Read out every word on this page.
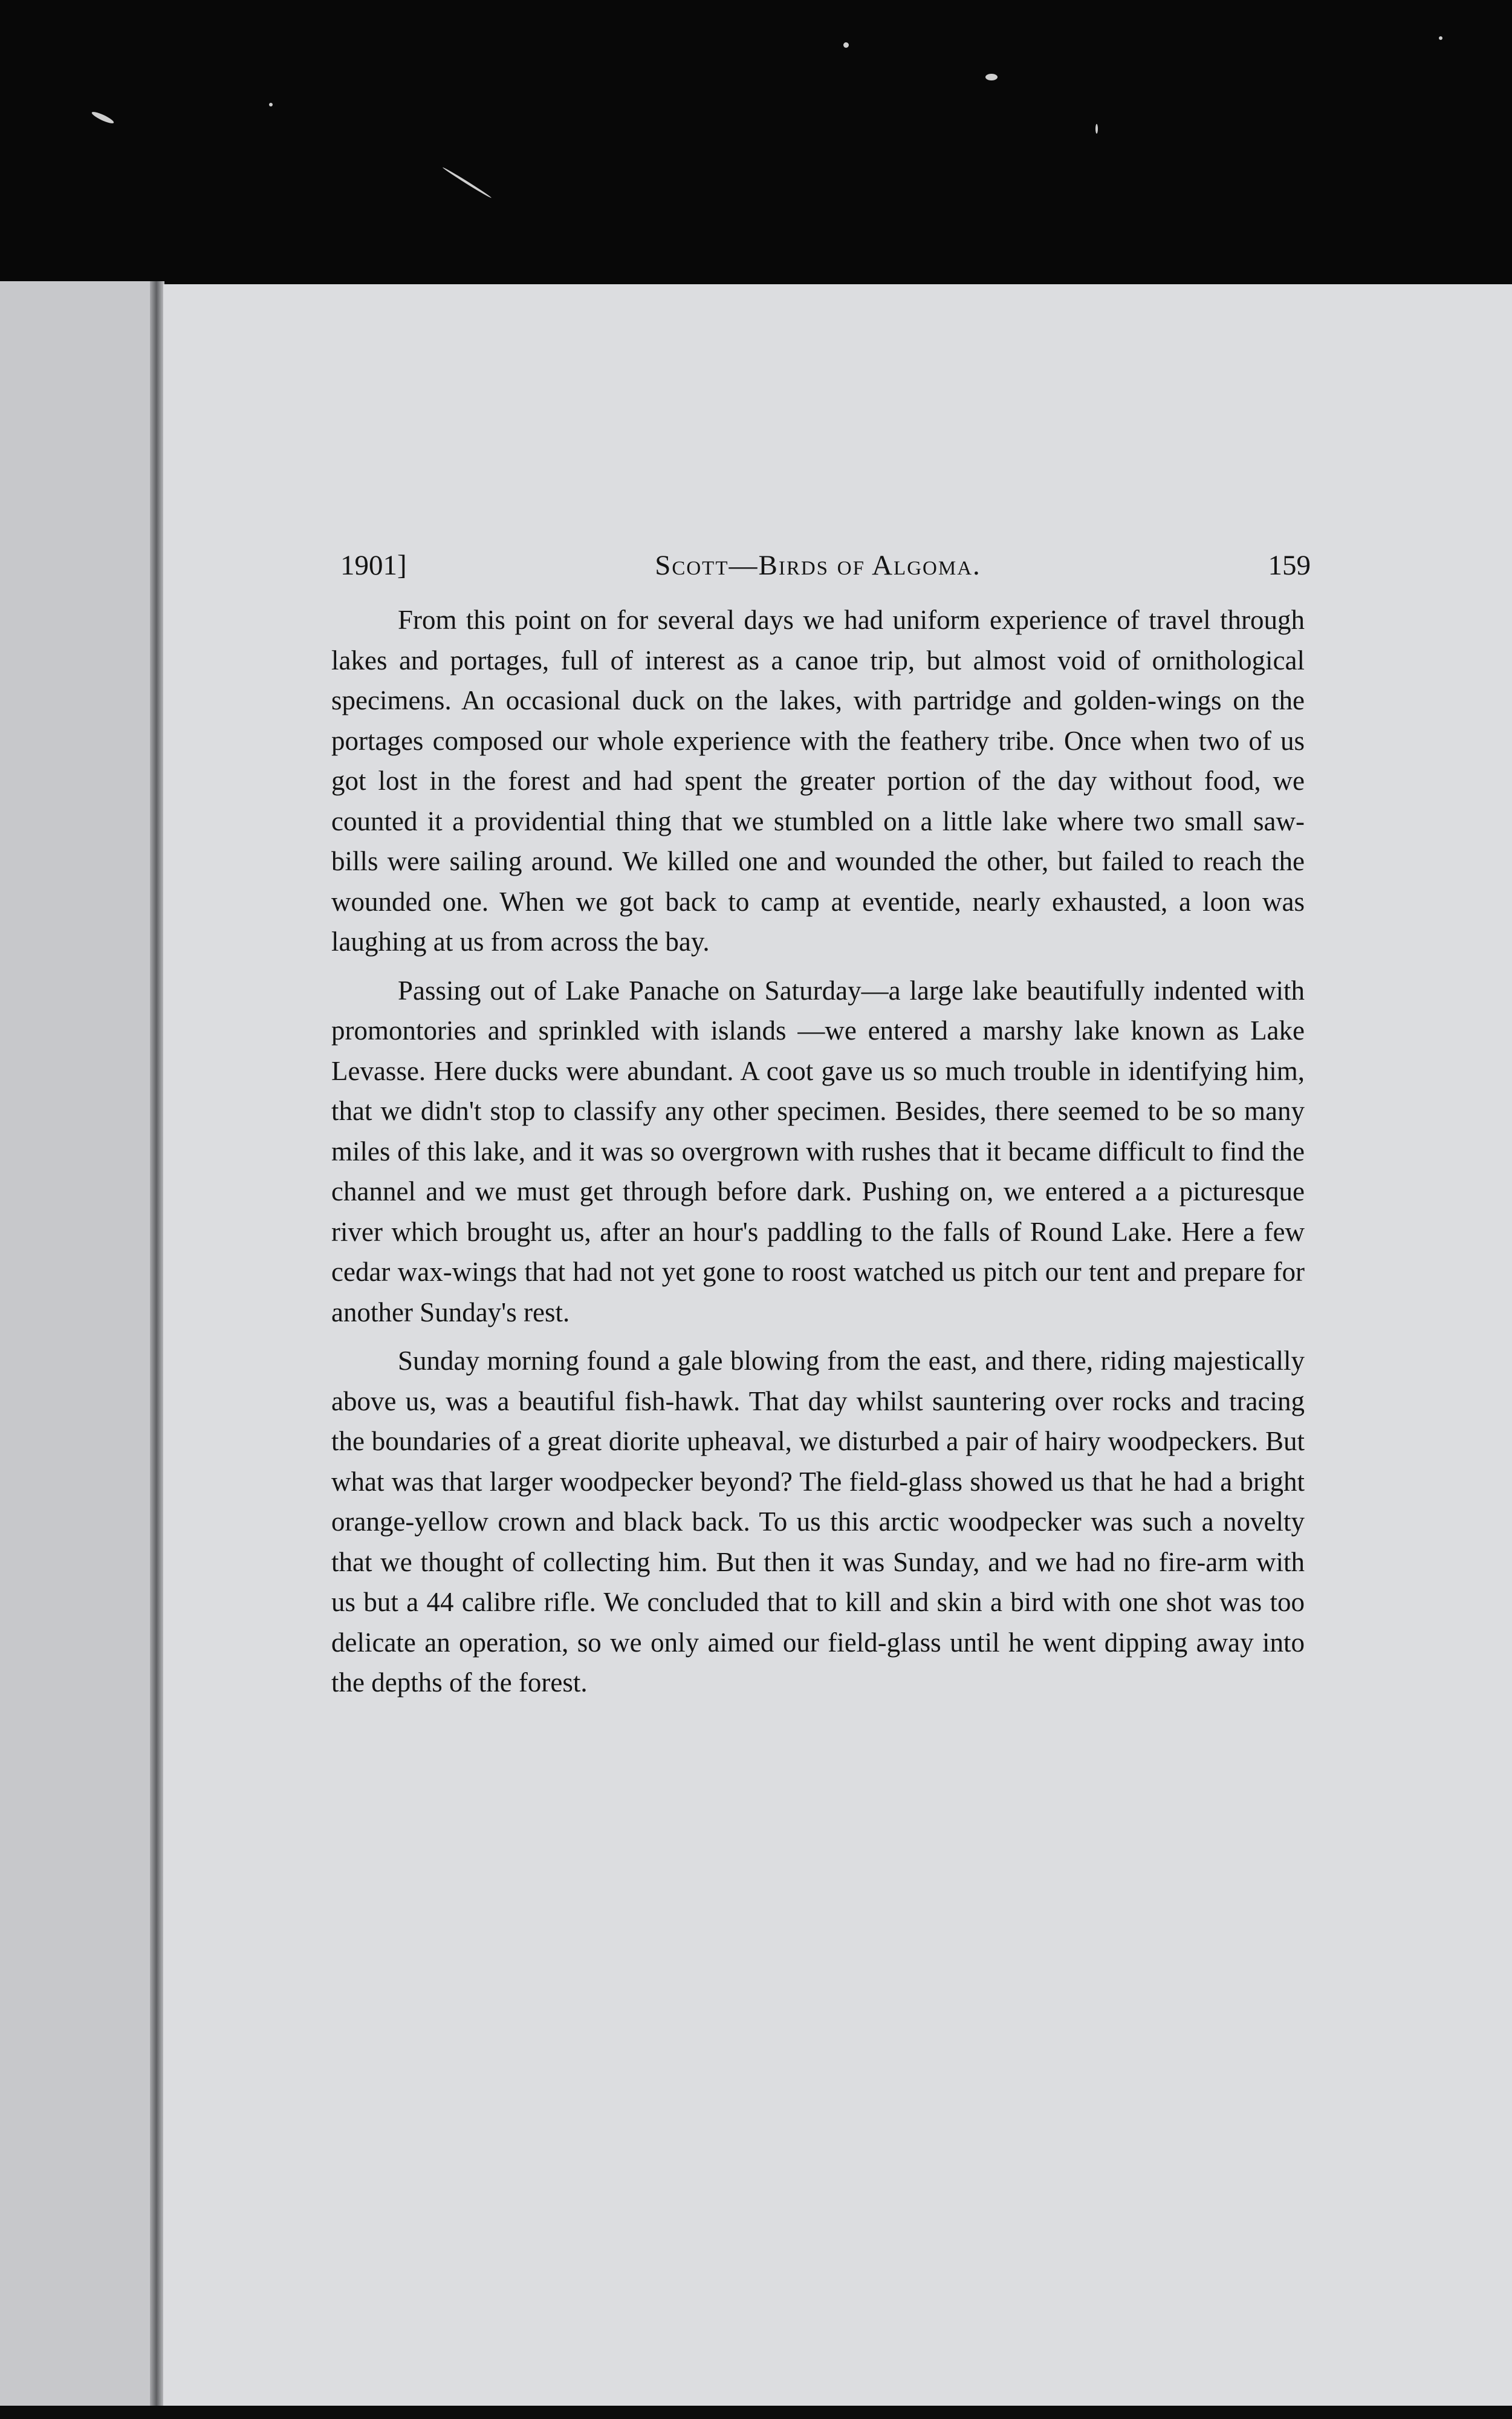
1901]	Scott—Birds of Algoma.	159

From this point on for several days we had uniform experience of travel through lakes and portages, full of interest as a canoe trip, but almost void of ornithological specimens. An occasional duck on the lakes, with partridge and golden-wings on the portages composed our whole experience with the feathery tribe. Once when two of us got lost in the forest and had spent the greater portion of the day without food, we counted it a providential thing that we stumbled on a little lake where two small saw-bills were sailing around. We killed one and wounded the other, but failed to reach the wounded one. When we got back to camp at eventide, nearly exhausted, a loon was laughing at us from across the bay.

Passing out of Lake Panache on Saturday—a large lake beautifully indented with promontories and sprinkled with islands —we entered a marshy lake known as Lake Levasse. Here ducks were abundant. A coot gave us so much trouble in identifying him, that we didn't stop to classify any other specimen. Besides, there seemed to be so many miles of this lake, and it was so overgrown with rushes that it became difficult to find the channel and we must get through before dark. Pushing on, we entered a a picturesque river which brought us, after an hour's paddling to the falls of Round Lake. Here a few cedar wax-wings that had not yet gone to roost watched us pitch our tent and prepare for another Sunday's rest.

Sunday morning found a gale blowing from the east, and there, riding majestically above us, was a beautiful fish-hawk. That day whilst sauntering over rocks and tracing the boundaries of a great diorite upheaval, we disturbed a pair of hairy woodpeckers. But what was that larger woodpecker beyond? The field-glass showed us that he had a bright orange-yellow crown and black back. To us this arctic woodpecker was such a novelty that we thought of collecting him. But then it was Sunday, and we had no fire-arm with us but a 44 calibre rifle. We concluded that to kill and skin a bird with one shot was too delicate an operation, so we only aimed our field-glass until he went dipping away into the depths of the forest.
